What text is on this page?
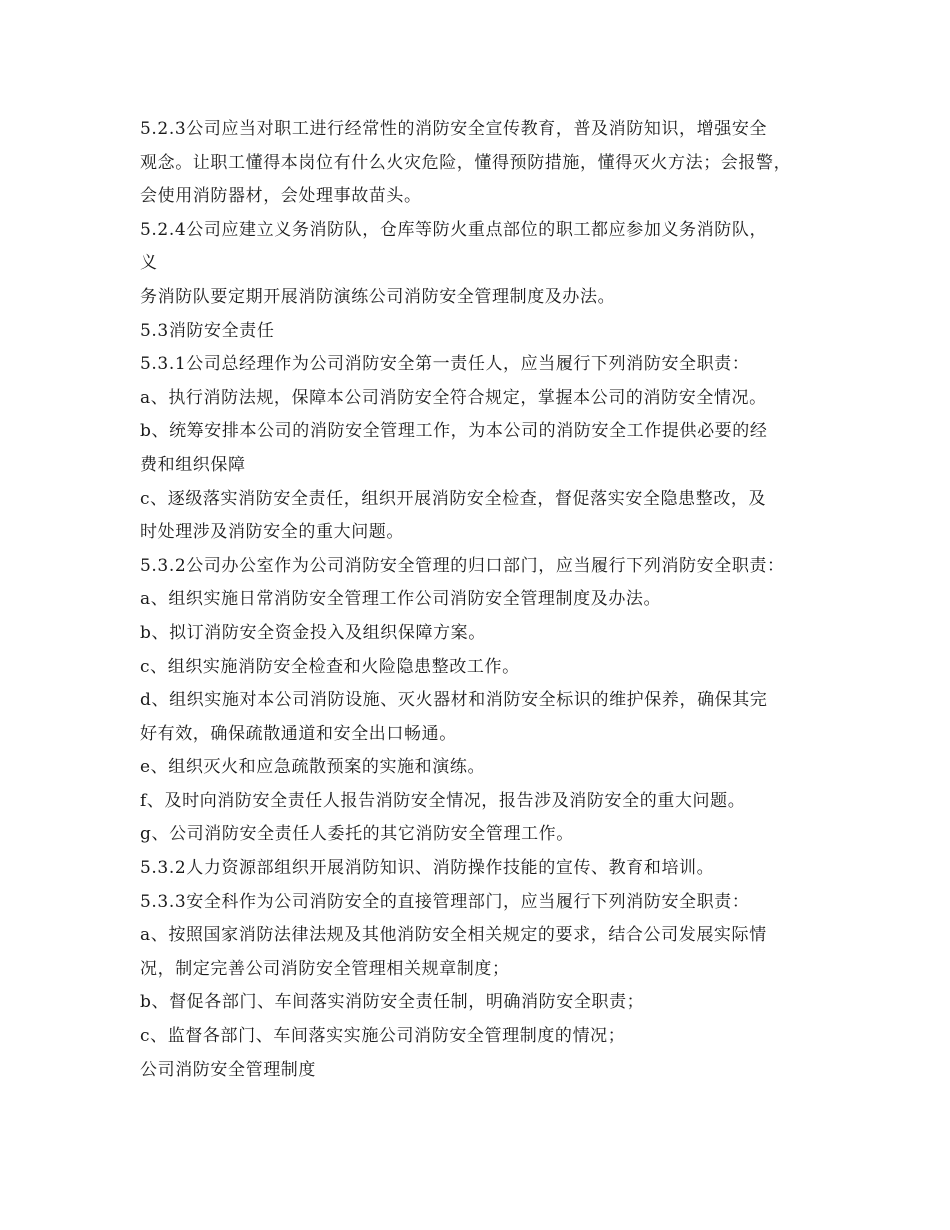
5.2.3公司应当对职工进行经常性的消防安全宣传教育，普及消防知识，增强安全
观念。让职工懂得本岗位有什么火灾危险，懂得预防措施，懂得灭火方法；会报警，
会使用消防器材，会处理事故苗头。
5.2.4公司应建立义务消防队，仓库等防火重点部位的职工都应参加义务消防队，
义
务消防队要定期开展消防演练公司消防安全管理制度及办法。
5.3消防安全责任
5.3.1公司总经理作为公司消防安全第一责任人，应当履行下列消防安全职责：
a、执行消防法规，保障本公司消防安全符合规定，掌握本公司的消防安全情况。
b、统筹安排本公司的消防安全管理工作，为本公司的消防安全工作提供必要的经
费和组织保障
c、逐级落实消防安全责任，组织开展消防安全检查，督促落实安全隐患整改，及
时处理涉及消防安全的重大问题。
5.3.2公司办公室作为公司消防安全管理的归口部门，应当履行下列消防安全职责：
a、组织实施日常消防安全管理工作公司消防安全管理制度及办法。
b、拟订消防安全资金投入及组织保障方案。
c、组织实施消防安全检查和火险隐患整改工作。
d、组织实施对本公司消防设施、灭火器材和消防安全标识的维护保养，确保其完
好有效，确保疏散通道和安全出口畅通。
e、组织灭火和应急疏散预案的实施和演练。
f、及时向消防安全责任人报告消防安全情况，报告涉及消防安全的重大问题。
g、公司消防安全责任人委托的其它消防安全管理工作。
5.3.2人力资源部组织开展消防知识、消防操作技能的宣传、教育和培训。
5.3.3安全科作为公司消防安全的直接管理部门，应当履行下列消防安全职责：
a、按照国家消防法律法规及其他消防安全相关规定的要求，结合公司发展实际情
况，制定完善公司消防安全管理相关规章制度；
b、督促各部门、车间落实消防安全责任制，明确消防安全职责；
c、监督各部门、车间落实实施公司消防安全管理制度的情况；
公司消防安全管理制度
